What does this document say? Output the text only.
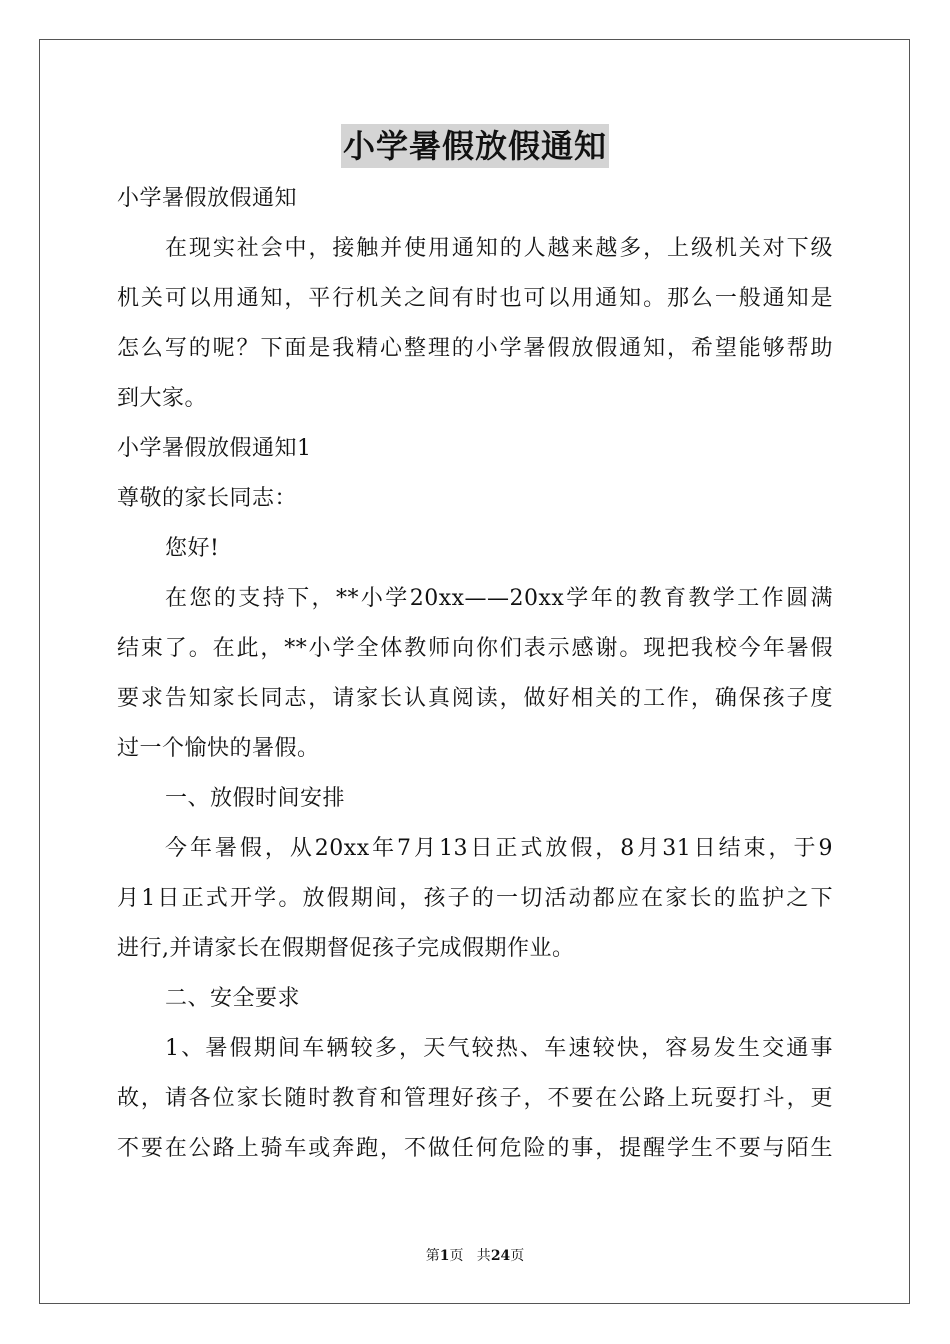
小学暑假放假通知
小学暑假放假通知
在现实社会中，接触并使用通知的人越来越多，上级机关对下级
机关可以用通知，平行机关之间有时也可以用通知。那么一般通知是
怎么写的呢？下面是我精心整理的小学暑假放假通知，希望能够帮助
到大家。
小学暑假放假通知1
尊敬的家长同志：
您好!
在您的支持下，**小学20xx——20xx学年的教育教学工作圆满
结束了。在此，**小学全体教师向你们表示感谢。现把我校今年暑假
要求告知家长同志，请家长认真阅读，做好相关的工作，确保孩子度
过一个愉快的暑假。
一、放假时间安排
今年暑假，从20xx年7月13日正式放假，8月31日结束，于9
月1日正式开学。放假期间，孩子的一切活动都应在家长的监护之下
进行,并请家长在假期督促孩子完成假期作业。
二、安全要求
1、暑假期间车辆较多，天气较热、车速较快，容易发生交通事
故，请各位家长随时教育和管理好孩子，不要在公路上玩耍打斗，更
不要在公路上骑车或奔跑，不做任何危险的事，提醒学生不要与陌生
第1页   共24页
